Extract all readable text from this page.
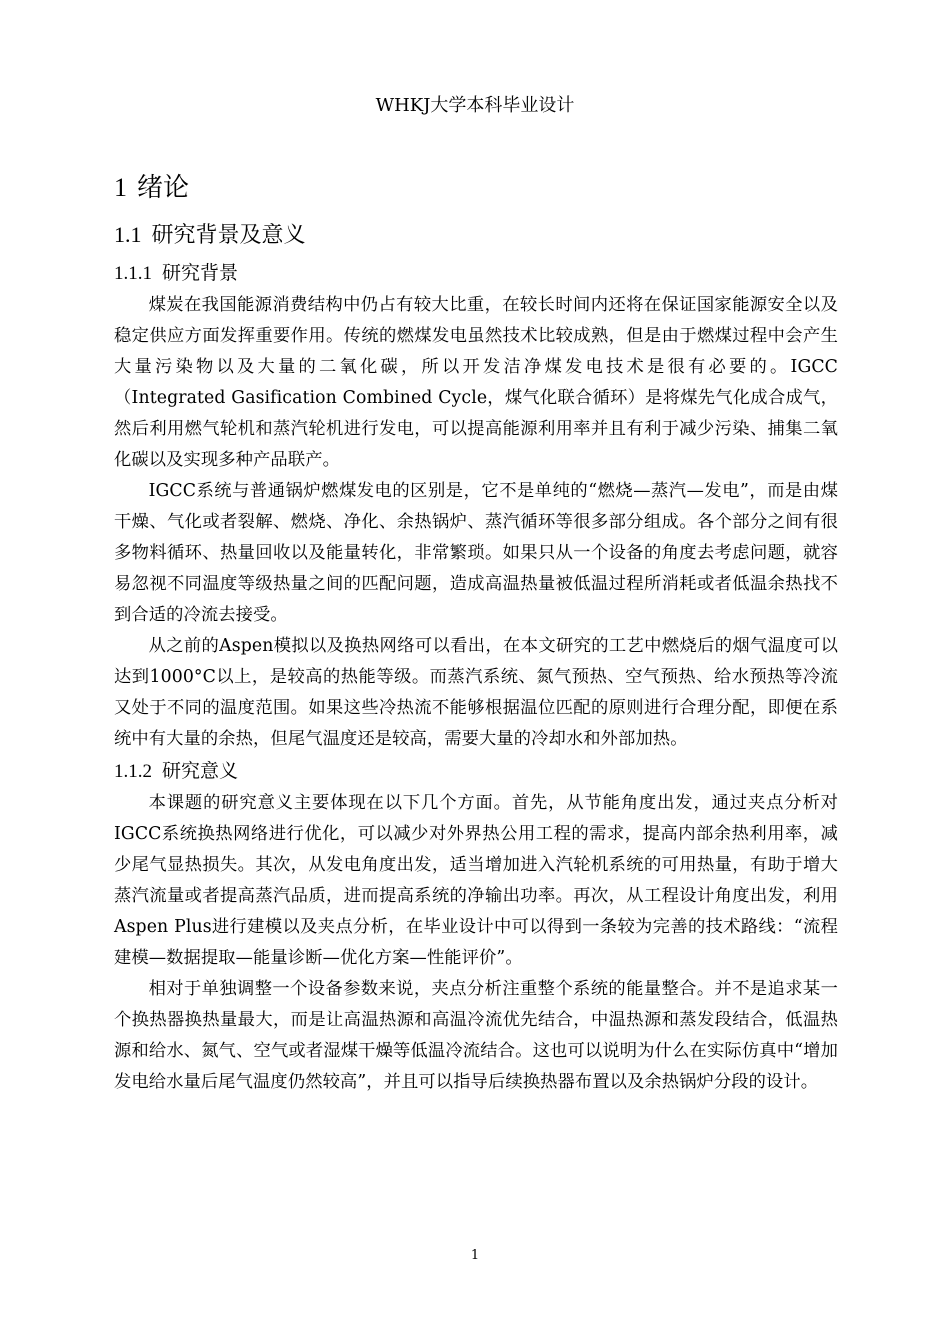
WHKJ大学本科毕业设计
1 绪论
1.1 研究背景及意义
1.1.1 研究背景

煤炭在我国能源消费结构中仍占有较大比重，在较长时间内还将在保证国家能源安全以及稳定供应方面发挥重要作用。传统的燃煤发电虽然技术比较成熟，但是由于燃煤过程中会产生大量污染物以及大量的二氧化碳，所以开发洁净煤发电技术是很有必要的。IGCC（Integrated Gasification Combined Cycle，煤气化联合循环）是将煤先气化成合成气，然后利用燃气轮机和蒸汽轮机进行发电，可以提高能源利用率并且有利于减少污染、捕集二氧化碳以及实现多种产品联产。

IGCC系统与普通锅炉燃煤发电的区别是，它不是单纯的“燃烧—蒸汽—发电”，而是由煤干燥、气化或者裂解、燃烧、净化、余热锅炉、蒸汽循环等很多部分组成。各个部分之间有很多物料循环、热量回收以及能量转化，非常繁琐。如果只从一个设备的角度去考虑问题，就容易忽视不同温度等级热量之间的匹配问题，造成高温热量被低温过程所消耗或者低温余热找不到合适的冷流去接受。

从之前的Aspen模拟以及换热网络可以看出，在本文研究的工艺中燃烧后的烟气温度可以达到1000°C以上，是较高的热能等级。而蒸汽系统、氮气预热、空气预热、给水预热等冷流又处于不同的温度范围。如果这些冷热流不能够根据温位匹配的原则进行合理分配，即便在系统中有大量的余热，但尾气温度还是较高，需要大量的冷却水和外部加热。

1.1.2 研究意义

本课题的研究意义主要体现在以下几个方面。首先，从节能角度出发，通过夹点分析对IGCC系统换热网络进行优化，可以减少对外界热公用工程的需求，提高内部余热利用率，减少尾气显热损失。其次，从发电角度出发，适当增加进入汽轮机系统的可用热量，有助于增大蒸汽流量或者提高蒸汽品质，进而提高系统的净输出功率。再次，从工程设计角度出发，利用Aspen Plus进行建模以及夹点分析，在毕业设计中可以得到一条较为完善的技术路线：“流程建模—数据提取—能量诊断—优化方案—性能评价”。

相对于单独调整一个设备参数来说，夹点分析注重整个系统的能量整合。并不是追求某一个换热器换热量最大，而是让高温热源和高温冷流优先结合，中温热源和蒸发段结合，低温热源和给水、氮气、空气或者湿煤干燥等低温冷流结合。这也可以说明为什么在实际仿真中“增加发电给水量后尾气温度仍然较高”，并且可以指导后续换热器布置以及余热锅炉分段的设计。

1
